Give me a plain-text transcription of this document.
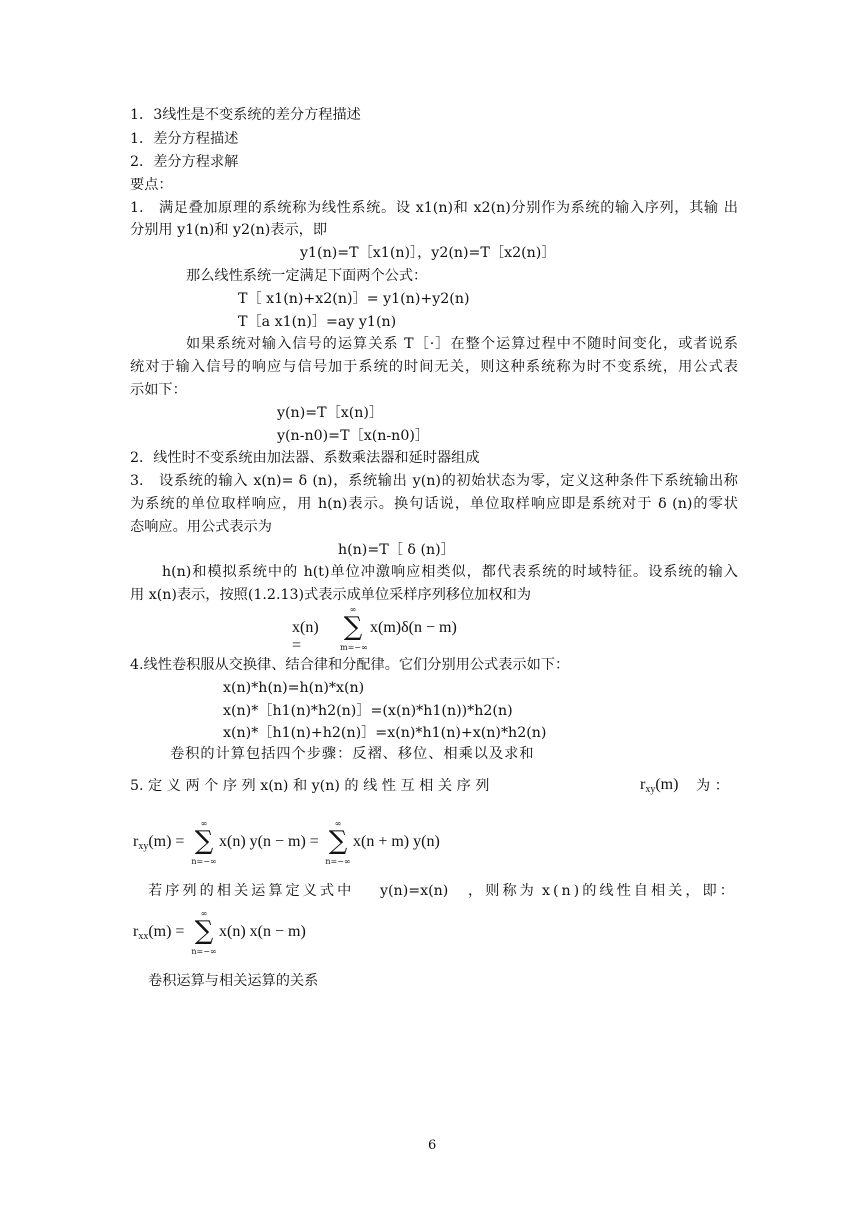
1．3线性是不变系统的差分方程描述
1．差分方程描述
2．差分方程求解
要点：
1.　满足叠加原理的系统称为线性系统。设 x1(n)和 x2(n)分别作为系统的输入序列，其输 出
分别用 y1(n)和 y2(n)表示，即
y1(n)=T［x1(n)］，y2(n)=T［x2(n)］
那么线性系统一定满足下面两个公式：
T［ x1(n)+x2(n)］= y1(n)+y2(n)
T［a x1(n)］=ay y1(n)
如果系统对输入信号的运算关系 T［·］在整个运算过程中不随时间变化，或者说系
统对于输入信号的响应与信号加于系统的时间无关，则这种系统称为时不变系统，用公式表
示如下：
y(n)=T［x(n)］
y(n-n0)=T［x(n-n0)］
2．线性时不变系统由加法器、系数乘法器和延时器组成
3.　设系统的输入 x(n)= δ (n)，系统输出 y(n)的初始状态为零，定义这种条件下系统输出称
为系统的单位取样响应，用 h(n)表示。换句话说，单位取样响应即是系统对于 δ (n)的零状
态响应。用公式表示为
h(n)=T［ δ (n)］
h(n)和模拟系统中的 h(t)单位冲激响应相类似，都代表系统的时域特征。设系统的输入
用 x(n)表示，按照(1.2.13)式表示成单位采样序列移位加权和为
x(n) =
∞
∑
m=−∞
x(m)δ(n − m)
4.线性卷积服从交换律、结合律和分配律。它们分别用公式表示如下：
x(n)*h(n)=h(n)*x(n)
x(n)*［h1(n)*h2(n)］=(x(n)*h1(n))*h2(n)
x(n)*［h1(n)+h2(n)］=x(n)*h1(n)+x(n)*h2(n)
卷积的计算包括四个步骤：反褶、移位、相乘以及求和
5. 定 义 两 个 序 列 x(n) 和 y(n) 的 线 性 互 相 关 序 列	$r_{xy}(m)$ 为 ：
$r_{xy}(m)$ =
∞
∑
n=−∞
x(n) y(n − m) =
∞
∑
n=−∞
x(n + m) y(n)
若序列的相关运算定义式中 y(n)=x(n) ，则称为 x(n)的线性自相关，即：
$r_{xx}(m)$ =
∞
∑
n=−∞
x(n) x(n − m)
卷积运算与相关运算的关系
6
